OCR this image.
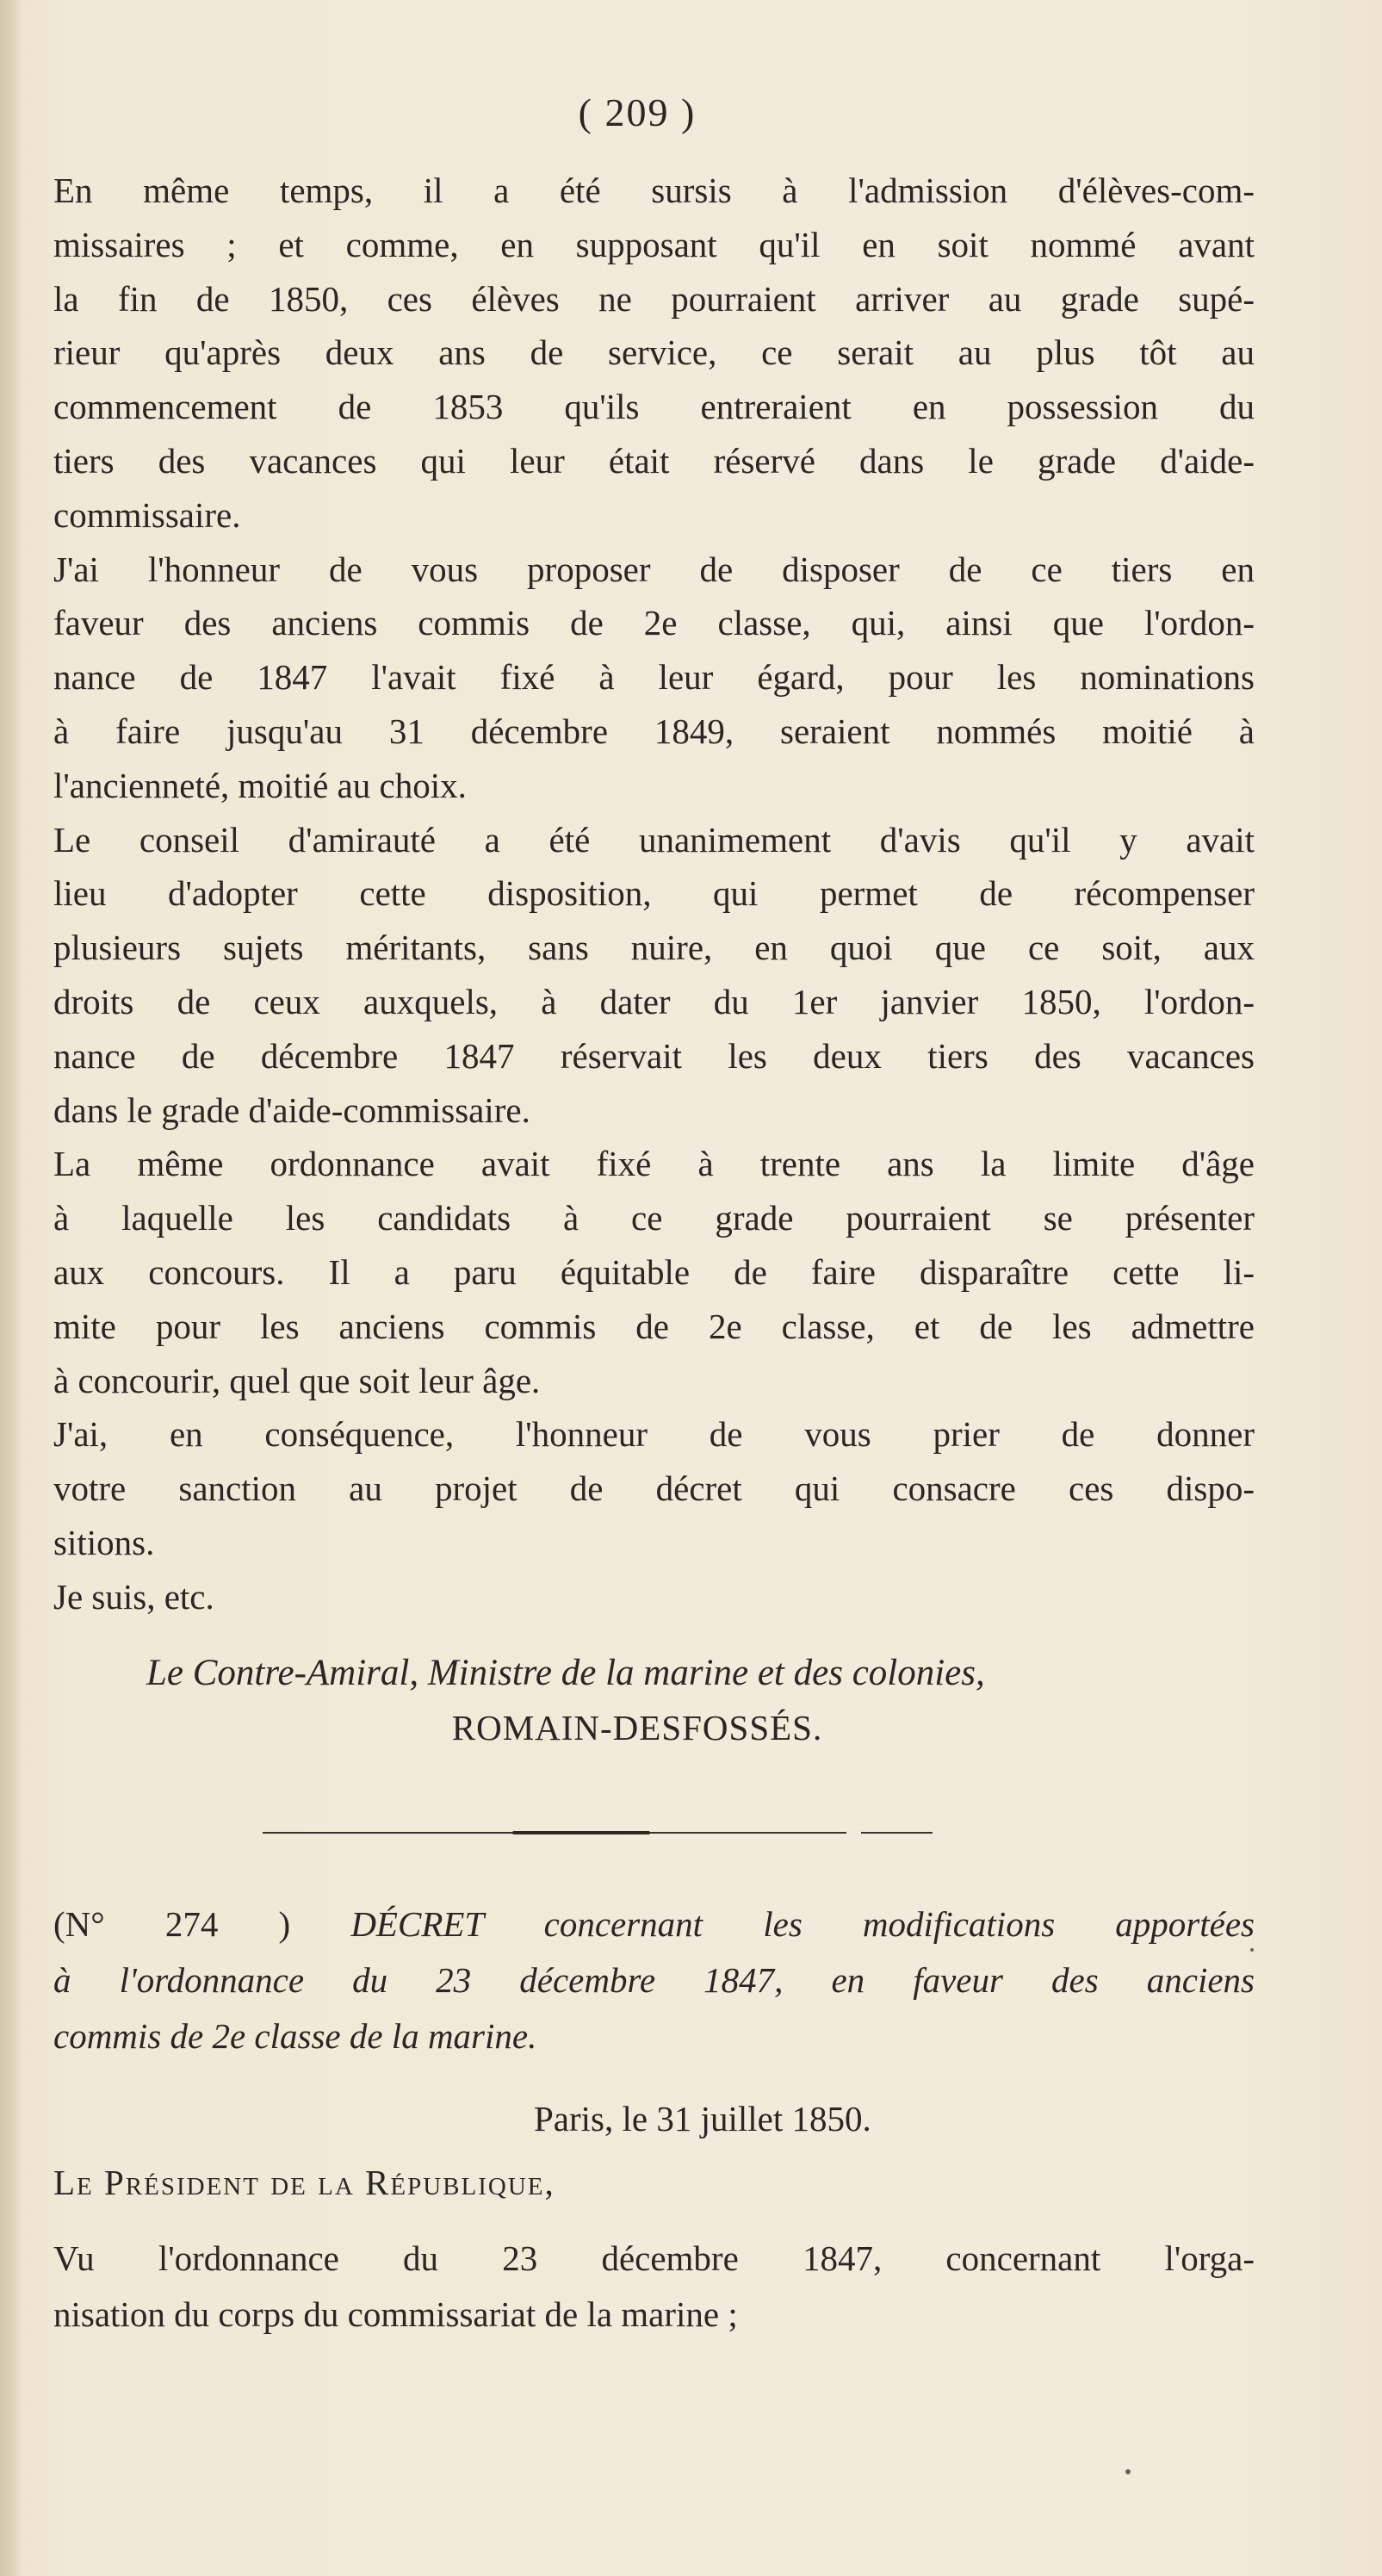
( 209 )
En même temps, il a été sursis à l'admission d'élèves-com-
missaires ; et comme, en supposant qu'il en soit nommé avant
la fin de 1850, ces élèves ne pourraient arriver au grade supé-
rieur qu'après deux ans de service, ce serait au plus tôt au
commencement de 1853 qu'ils entreraient en possession du
tiers des vacances qui leur était réservé dans le grade d'aide-
commissaire.
J'ai l'honneur de vous proposer de disposer de ce tiers en
faveur des anciens commis de 2e classe, qui, ainsi que l'ordon-
nance de 1847 l'avait fixé à leur égard, pour les nominations
à faire jusqu'au 31 décembre 1849, seraient nommés moitié à
l'ancienneté, moitié au choix.
Le conseil d'amirauté a été unanimement d'avis qu'il y avait
lieu d'adopter cette disposition, qui permet de récompenser
plusieurs sujets méritants, sans nuire, en quoi que ce soit, aux
droits de ceux auxquels, à dater du 1er janvier 1850, l'ordon-
nance de décembre 1847 réservait les deux tiers des vacances
dans le grade d'aide-commissaire.
La même ordonnance avait fixé à trente ans la limite d'âge
à laquelle les candidats à ce grade pourraient se présenter
aux concours. Il a paru équitable de faire disparaître cette li-
mite pour les anciens commis de 2e classe, et de les admettre
à concourir, quel que soit leur âge.
J'ai, en conséquence, l'honneur de vous prier de donner
votre sanction au projet de décret qui consacre ces dispo-
sitions.
Je suis, etc.
Le Contre-Amiral, Ministre de la marine et des colonies,
ROMAIN-DESFOSSÉS.
(N° 274 ) DÉCRET concernant les modifications apportées
à l'ordonnance du 23 décembre 1847, en faveur des anciens
commis de 2e classe de la marine.
Paris, le 31 juillet 1850.
Le Président de la République,
Vu l'ordonnance du 23 décembre 1847, concernant l'orga-
nisation du corps du commissariat de la marine ;
